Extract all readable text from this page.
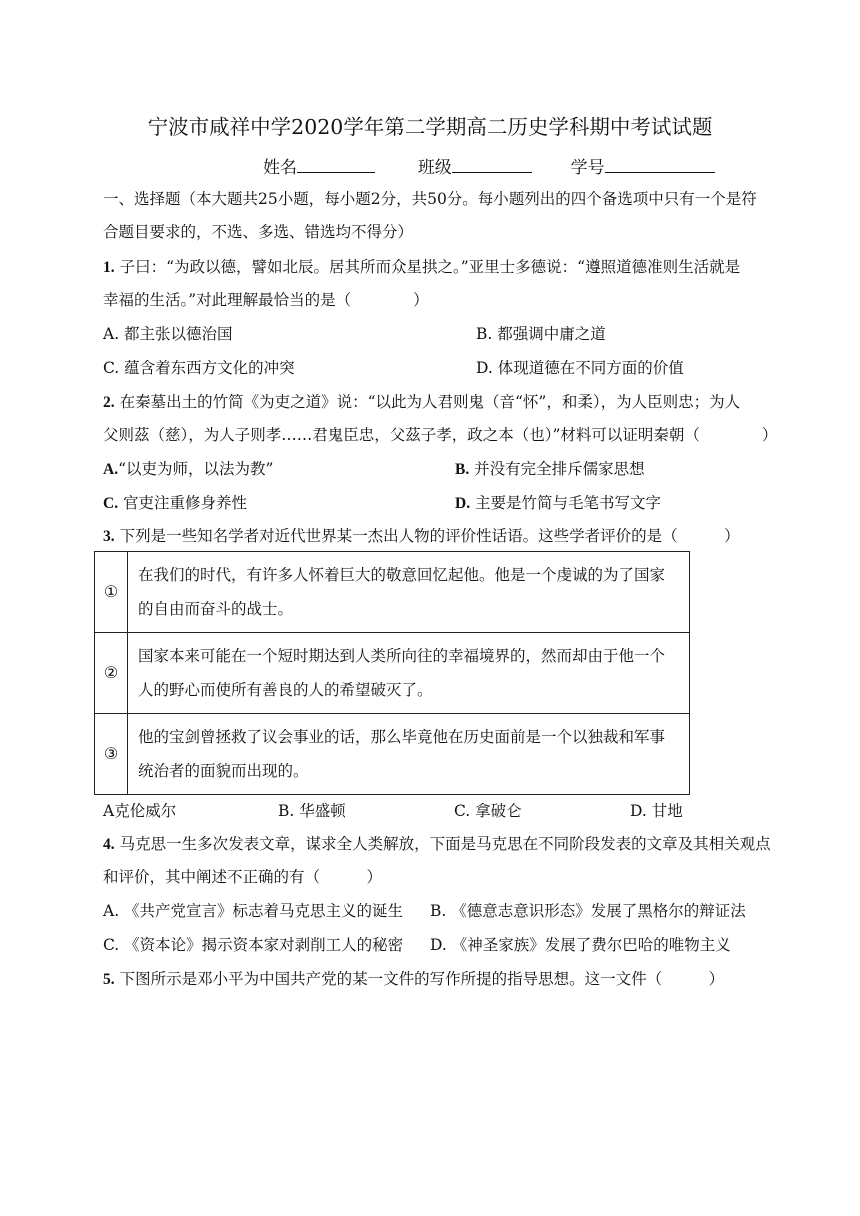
宁波市咸祥中学2020学年第二学期高二历史学科期中考试试题
姓名	班级	学号
一、选择题（本大题共25小题，每小题2分，共50分。每小题列出的四个备选项中只有一个是符
合题目要求的，不选、多选、错选均不得分）
1. 子曰：“为政以德，譬如北辰。居其所而众星拱之。”亚里士多德说：“遵照道德准则生活就是
幸福的生活。”对此理解最恰当的是（　　　　）
A. 都主张以德治国	B. 都强调中庸之道
C. 蕴含着东西方文化的冲突	D. 体现道德在不同方面的价值
2. 在秦墓出土的竹简《为吏之道》说：“以此为人君则鬼（音“怀”，和柔），为人臣则忠；为人
父则茲（慈），为人子则孝……君鬼臣忠，父茲子孝，政之本（也）”材料可以证明秦朝（　　　　）
A.“以吏为师，以法为教”	B. 并没有完全排斥儒家思想
C. 官吏注重修身养性	D. 主要是竹简与毛笔书写文字
3. 下列是一些知名学者对近代世界某一杰出人物的评价性话语。这些学者评价的是（　　　）
①	在我们的时代，有许多人怀着巨大的敬意回忆起他。他是一个虔诚的为了国家的自由而奋斗的战士。
②	国家本来可能在一个短时期达到人类所向往的幸福境界的，然而却由于他一个人的野心而使所有善良的人的希望破灭了。
③	他的宝剑曾拯救了议会事业的话，那么毕竟他在历史面前是一个以独裁和军事统治者的面貌而出现的。
A克伦威尔	B. 华盛顿	C. 拿破仑	D. 甘地
4. 马克思一生多次发表文章，谋求全人类解放，下面是马克思在不同阶段发表的文章及其相关观点
和评价，其中阐述不正确的有（　　　）
A. 《共产党宣言》标志着马克思主义的诞生 B. 《德意志意识形态》发展了黑格尔的辩证法
C. 《资本论》揭示资本家对剥削工人的秘密 D. 《神圣家族》发展了费尔巴哈的唯物主义
5. 下图所示是邓小平为中国共产党的某一文件的写作所提的指导思想。这一文件（　　　）
